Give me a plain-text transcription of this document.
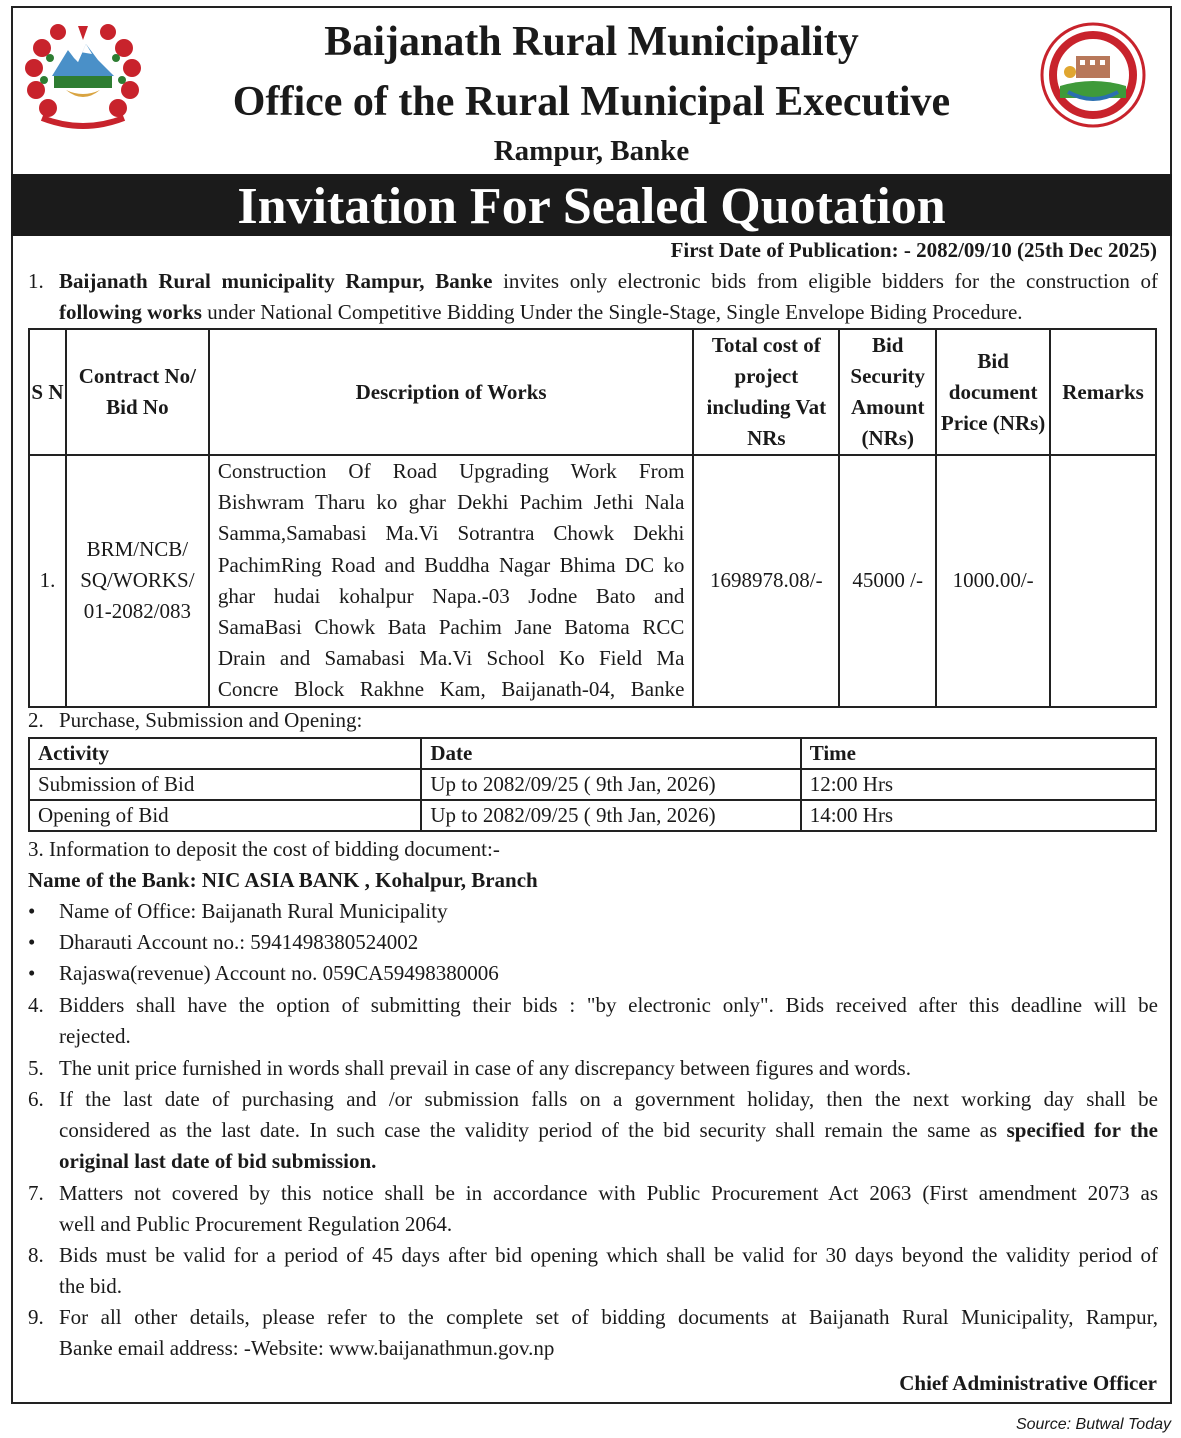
Baijanath Rural Municipality
Office of the Rural Municipal Executive
Rampur, Banke
Invitation For Sealed Quotation
First Date of Publication: - 2082/09/10 (25th Dec 2025)
1. Baijanath Rural municipality Rampur, Banke invites only electronic bids from eligible bidders for the construction of following works under National Competitive Bidding Under the Single-Stage, Single Envelope Biding Procedure.
S N	Contract No/ Bid No	Description of Works	Total cost of project including Vat NRs	Bid Security Amount (NRs)	Bid document Price (NRs)	Remarks
1.	BRM/NCB/ SQ/WORKS/ 01-2082/083	Construction Of Road Upgrading Work From Bishwram Tharu ko ghar Dekhi Pachim Jethi Nala Samma,Samabasi Ma.Vi Sotrantra Chowk Dekhi PachimRing Road and Buddha Nagar Bhima DC ko ghar hudai kohalpur Napa.-03 Jodne Bato and SamaBasi Chowk Bata Pachim Jane Batoma RCC Drain and Samabasi Ma.Vi School Ko Field Ma Concre Block Rakhne Kam, Baijanath-04, Banke	1698978.08/-	45000 /-	1000.00/-	
2. Purchase, Submission and Opening:
Activity	Date	Time
Submission of Bid	Up to 2082/09/25 ( 9th Jan, 2026)	12:00 Hrs
Opening of Bid	Up to 2082/09/25 ( 9th Jan, 2026)	14:00 Hrs
3. Information to deposit the cost of bidding document:-
Name of the Bank: NIC ASIA BANK , Kohalpur, Branch
• Name of Office: Baijanath Rural Municipality
• Dharauti Account no.: 5941498380524002
• Rajaswa(revenue) Account no. 059CA59498380006
4. Bidders shall have the option of submitting their bids : "by electronic only". Bids received after this deadline will be
rejected.
5. The unit price furnished in words shall prevail in case of any discrepancy between figures and words.
6. If the last date of purchasing and /or submission falls on a government holiday, then the next working day shall be
considered as the last date. In such case the validity period of the bid security shall remain the same as specified for the
original last date of bid submission.
7. Matters not covered by this notice shall be in accordance with Public Procurement Act 2063 (First amendment 2073 as
well and Public Procurement Regulation 2064.
8. Bids must be valid for a period of 45 days after bid opening which shall be valid for 30 days beyond the validity period of
the bid.
9. For all other details, please refer to the complete set of bidding documents at Baijanath Rural Municipality, Rampur,
Banke email address: -Website: www.baijanathmun.gov.np
Chief Administrative Officer
Source: Butwal Today
